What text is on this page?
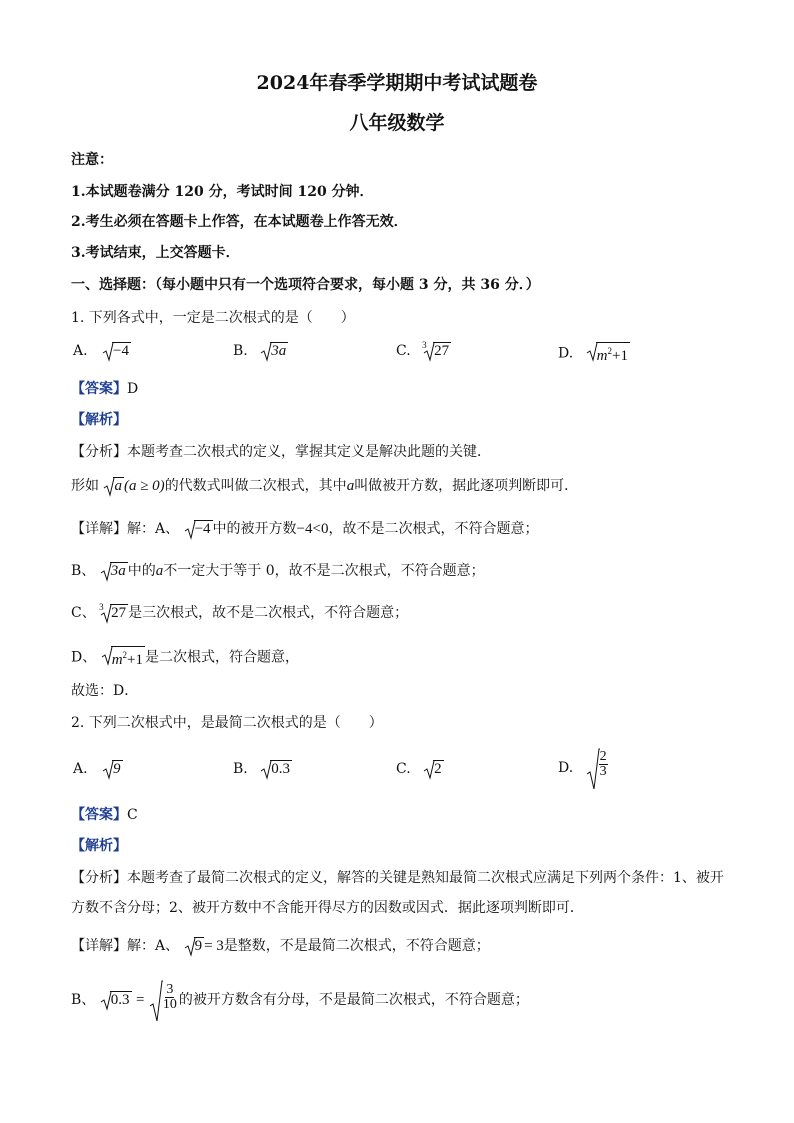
2024年春季学期期中考试试题卷
八年级数学
注意：
1.本试题卷满分 120 分，考试时间 120 分钟．
2.考生必须在答题卡上作答，在本试题卷上作答无效．
3.考试结束，上交答题卡．
一、选择题：（每小题中只有一个选项符合要求，每小题 3 分，共 36 分．）
1. 下列各式中，一定是二次根式的是（　　）
A. −4	B. 3a	C. 3 27	D. $m^2+1$
【答案】D
【解析】
【分析】本题考查二次根式的定义，掌握其定义是解决此题的关键．
形如 a (a ≥ 0)的代数式叫做二次根式，其中a叫做被开方数，据此逐项判断即可．
【详解】解：A、 −4 中的被开方数−4<0，故不是二次根式，不符合题意；
B、 3a 中的a不一定大于等于 0，故不是二次根式，不符合题意；
C、 3 27 是三次根式，故不是二次根式，不符合题意；
D、 $m^2+1$ 是二次根式，符合题意，
故选：D．
2. 下列二次根式中，是最简二次根式的是（　　）
A. 9	B. 0.3	C. 2	D. $\frac{2}{3}$
【答案】C
【解析】
【分析】本题考查了最简二次根式的定义，解答的关键是熟知最简二次根式应满足下列两个条件：1、被开
方数不含分母；2、被开方数中不含能开得尽方的因数或因式．据此逐项判断即可．
【详解】解：A、 9 = 3是整数，不是最简二次根式，不符合题意；
B、 $0.3 = \frac{3}{10}$ 的被开方数含有分母，不是最简二次根式，不符合题意；
